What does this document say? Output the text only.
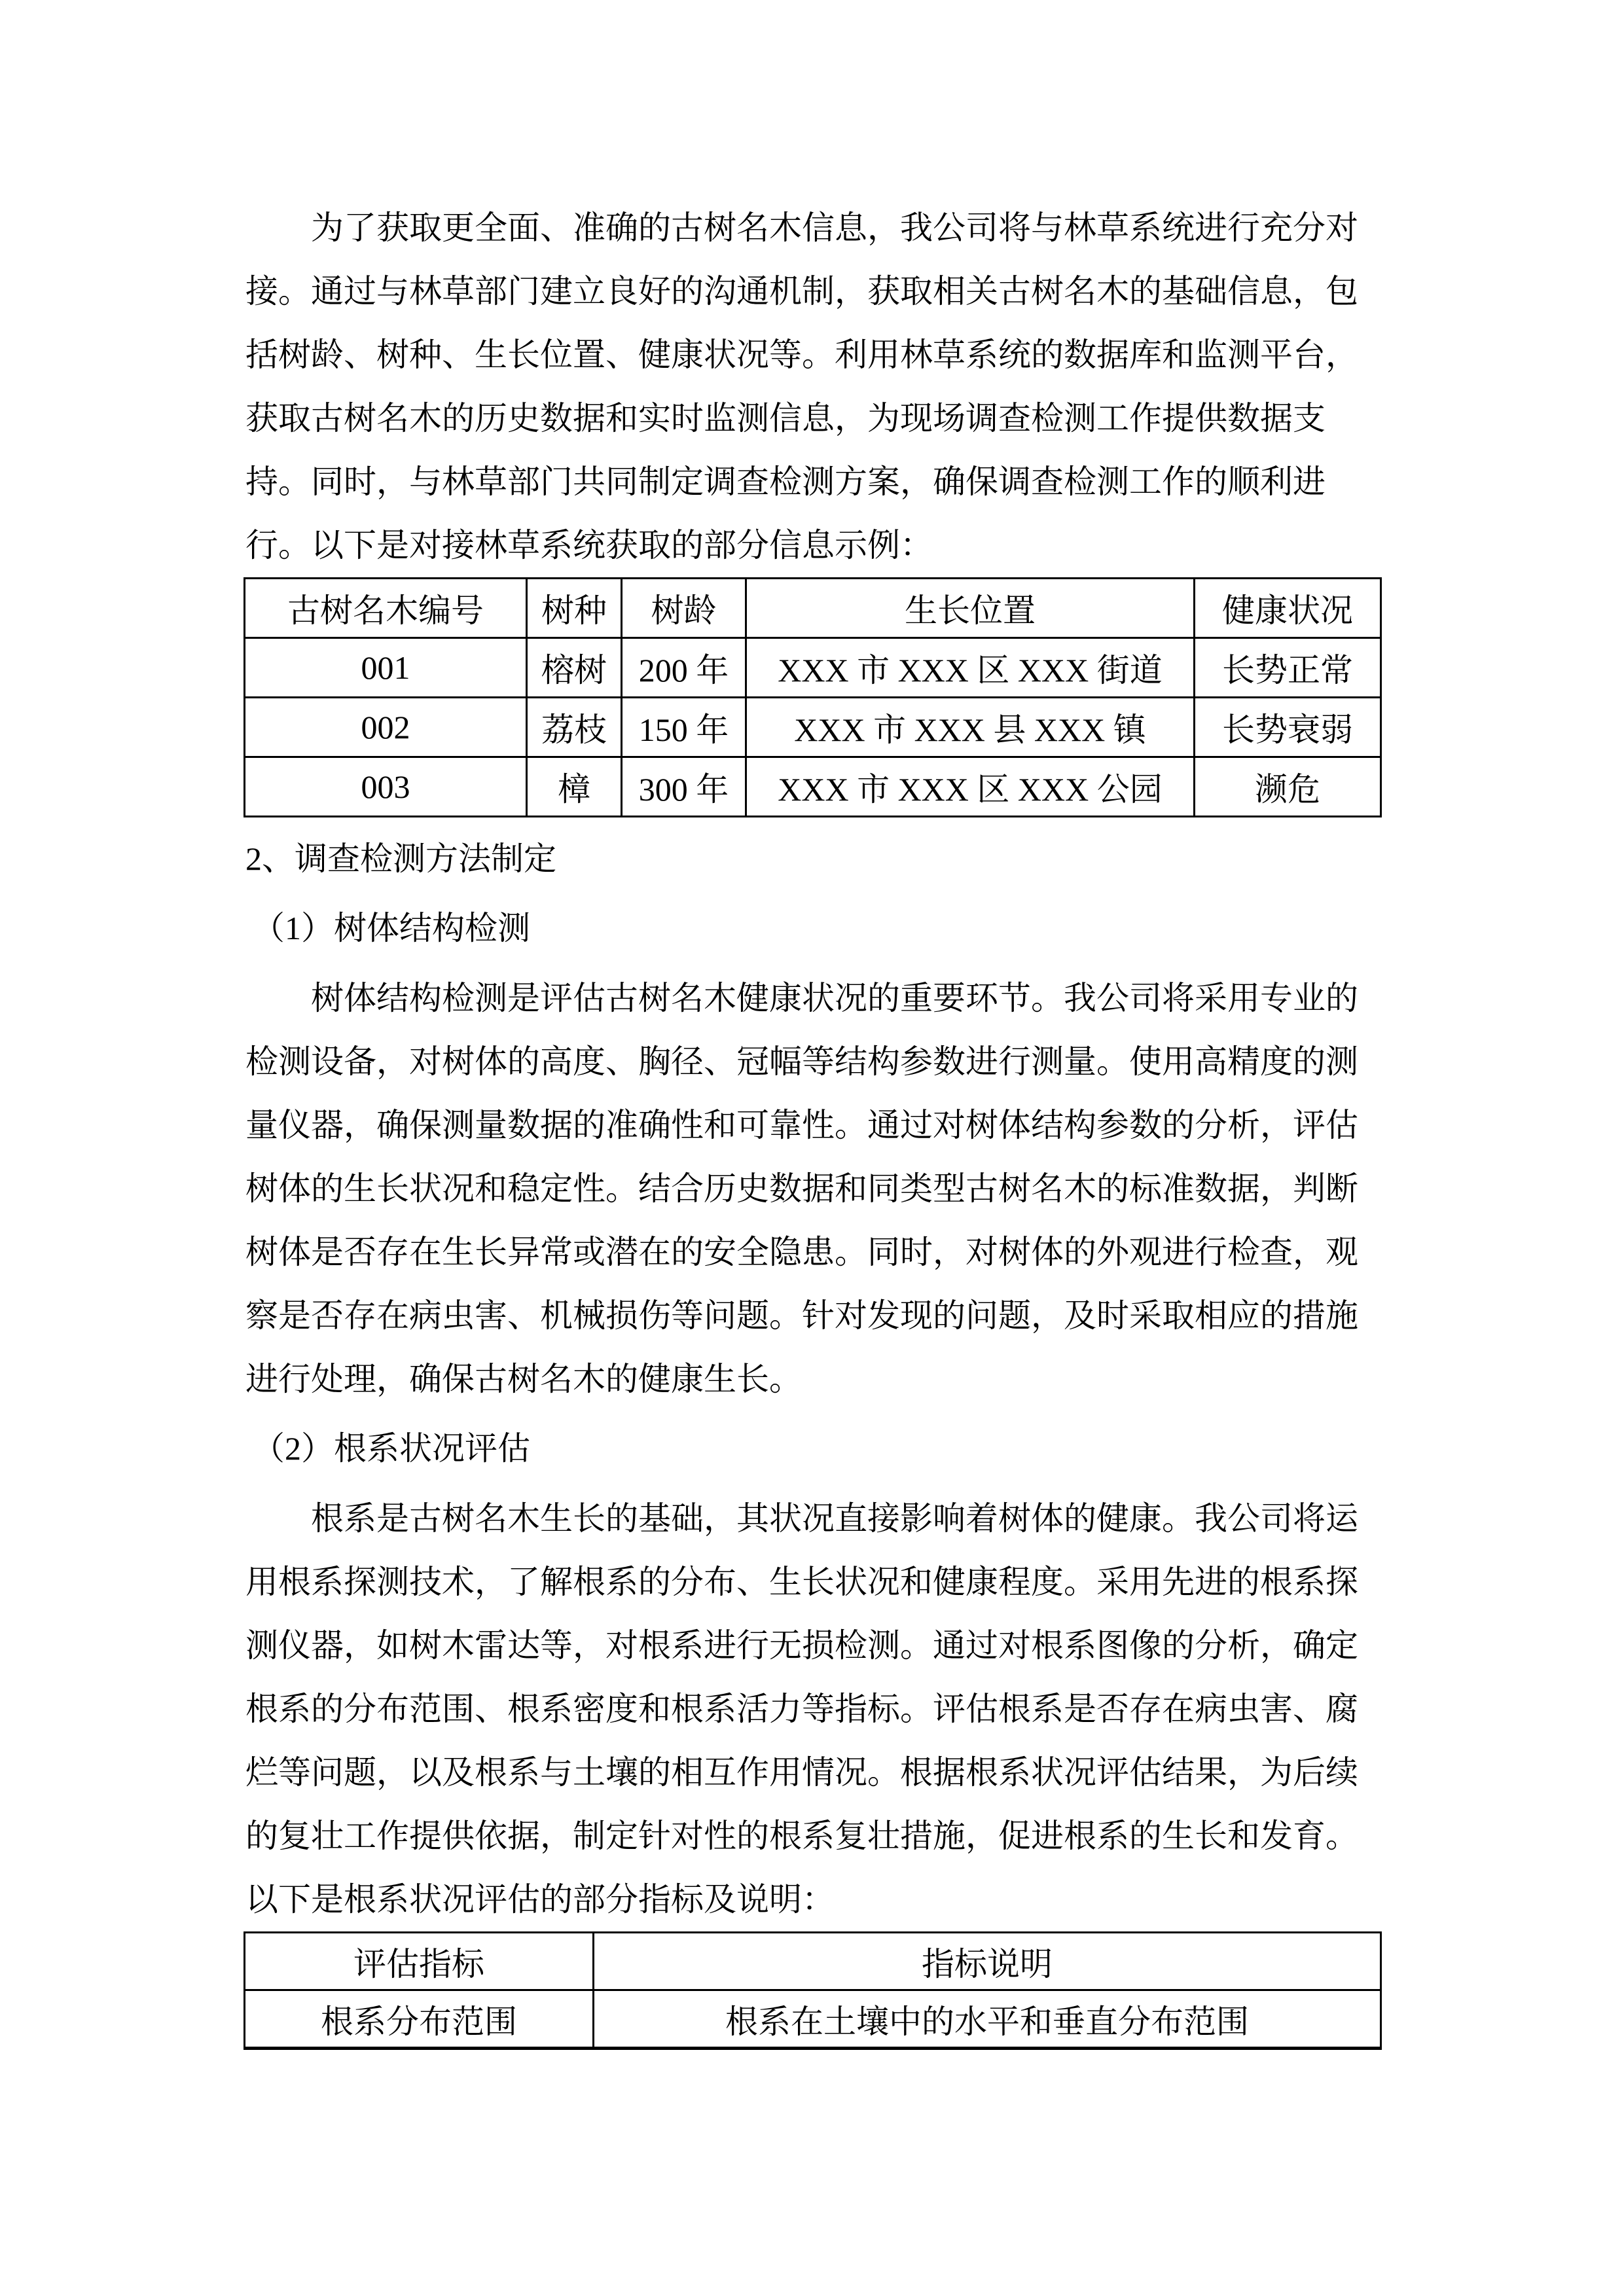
为了获取更全面、准确的古树名木信息，我公司将与林草系统进行充分对
接。通过与林草部门建立良好的沟通机制，获取相关古树名木的基础信息，包
括树龄、树种、生长位置、健康状况等。利用林草系统的数据库和监测平台，
获取古树名木的历史数据和实时监测信息，为现场调查检测工作提供数据支
持。同时，与林草部门共同制定调查检测方案，确保调查检测工作的顺利进
行。以下是对接林草系统获取的部分信息示例：

古树名木编号	树种	树龄	生长位置	健康状况
001	榕树	200 年	XXX 市 XXX 区 XXX 街道	长势正常
002	荔枝	150 年	XXX 市 XXX 县 XXX 镇	长势衰弱
003	樟	300 年	XXX 市 XXX 区 XXX 公园	濒危

2、调查检测方法制定

（1）树体结构检测

树体结构检测是评估古树名木健康状况的重要环节。我公司将采用专业的
检测设备，对树体的高度、胸径、冠幅等结构参数进行测量。使用高精度的测
量仪器，确保测量数据的准确性和可靠性。通过对树体结构参数的分析，评估
树体的生长状况和稳定性。结合历史数据和同类型古树名木的标准数据，判断
树体是否存在生长异常或潜在的安全隐患。同时，对树体的外观进行检查，观
察是否存在病虫害、机械损伤等问题。针对发现的问题，及时采取相应的措施
进行处理，确保古树名木的健康生长。

（2）根系状况评估

根系是古树名木生长的基础，其状况直接影响着树体的健康。我公司将运
用根系探测技术，了解根系的分布、生长状况和健康程度。采用先进的根系探
测仪器，如树木雷达等，对根系进行无损检测。通过对根系图像的分析，确定
根系的分布范围、根系密度和根系活力等指标。评估根系是否存在病虫害、腐
烂等问题，以及根系与土壤的相互作用情况。根据根系状况评估结果，为后续
的复壮工作提供依据，制定针对性的根系复壮措施，促进根系的生长和发育。
以下是根系状况评估的部分指标及说明：

评估指标	指标说明
根系分布范围	根系在土壤中的水平和垂直分布范围
